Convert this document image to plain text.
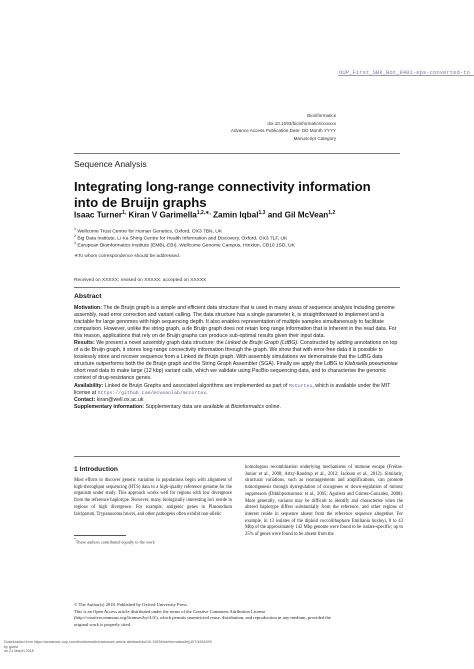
Bioinformatics
doi.10.1093/bioinformatics/xxxxxx
Advance Access Publication Date: DD Month YYYY
Manuscript Category
OUP_First_SBk_Bot_8401-eps-converted-to
Sequence Analysis
Integrating long-range connectivity information
into de Bruijn graphs
Isaac Turner$^{1,}$ Kiran V Garimella$^{1,2,∗,}$ Zamin Iqbal$^{1,3}$ and Gil McVean$^{1,2}$
$^1$ Wellcome Trust Centre for Human Genetics, Oxford, OX3 7BN, UK
$^2$ Big Data Institute, Li Ka Shing Centre for Health Information and Discovery, Oxford, OX3 7LF, UK
$^3$ European Bioinformatics Institute (EMBL-EBI), Wellcome Genome Campus, Hinxton, CB10 1SD, UK
∗To whom correspondence should be addressed.
Received on XXXXX; revised on XXXXX; accepted on XXXXX
Abstract

Motivation: The de Bruijn graph is a simple and efficient data structure that is used in many areas of sequence analysis including genome assembly, read error correction and variant calling. The data structure has a single parameter k, is straightforward to implement and is tractable for large genomes with high sequencing depth. It also enables representation of multiple samples simultaneously to facilitate comparison. However, unlike the string graph, a de Bruijn graph does not retain long range information that is inherent in the read data. For this reason, applications that rely on de Bruijn graphs can produce sub-optimal results given their input data.

Results: We present a novel assembly graph data structure: the Linked de Bruijn Graph (LdBG). Constructed by adding annotations on top of a de Bruijn graph, it stores long range connectivity information through the graph. We show that with error-free data it is possible to losslessly store and recover sequence from a Linked de Bruijn graph. With assembly simulations we demonstrate that the LdBG data structure outperforms both the de Bruijn graph and the String Graph Assembler (SGA). Finally we apply the LdBG to Klebsiella pneumoniae short read data to make large (12 kbp) variant calls, which we validate using PacBio sequencing data, and to characterise the genomic context of drug-resistance genes.

Availability: Linked de Bruijn Graphs and associated algorithms are implemented as part of McCortex, which is available under the MIT license at https://github.com/mcveanlab/mccortex.

Contact: kiran@well.ox.ac.uk

Supplementary information: Supplementary data are available at Bioinformatics online.

1 Introduction

Most efforts to discover genetic variation in populations begin with alignment of high-throughput sequencing (HTS) data to a high-quality reference genome for the organism under study. This approach works well for regions with low divergence from the reference haplotype. However, many biologically interesting loci reside in regions of high divergence. For example, antigenic genes in Plasmodium falciparum, Trypanosoma brucei, and other pathogens often exhibit non-allelic

homologous recombination underlying mechanisms of immune escape (Freitas-Junior et al., 2000; Artzy-Randrup et al., 2012; Jackson et al., 2012). Similarly, structural variations, such as rearrangements and amplifications, can promote tumorigenesis through dysregulation of oncogenes or down-regulation of tumour suppressors (Dikkbpsstsomosc et al., 2005; Aguilera and Gómez-González, 2008). More generally, variants may be difficult to identify and characterise when the altered haplotype differs substantially from the reference, and other regions of interest reside in sequence absent from the reference sequence altogether. For example, in 13 isolates of the diploid coccolithophore Emiliania huxleyi, 8 to 43 Mbp of the approximately 142 Mbp genome were found to be isolate-specific; up to 25% of genes were found to be absent from the

*These authors contributed equally to the work
© The Author(s) 2018. Published by Oxford University Press.
This is an Open Access article distributed under the terms of the Creative Commons Attribution License
(http://creativecommons.org/licenses/by/4.0/), which permits unrestricted reuse, distribution, and reproduction in any medium, provided the
original work is properly cited.
Downloaded from https://academic.oup.com/bioinformatics/advance-article-abstract/doi/10.1093/bioinformatics/bty157/4934939
by guest
on 21 March 2018
